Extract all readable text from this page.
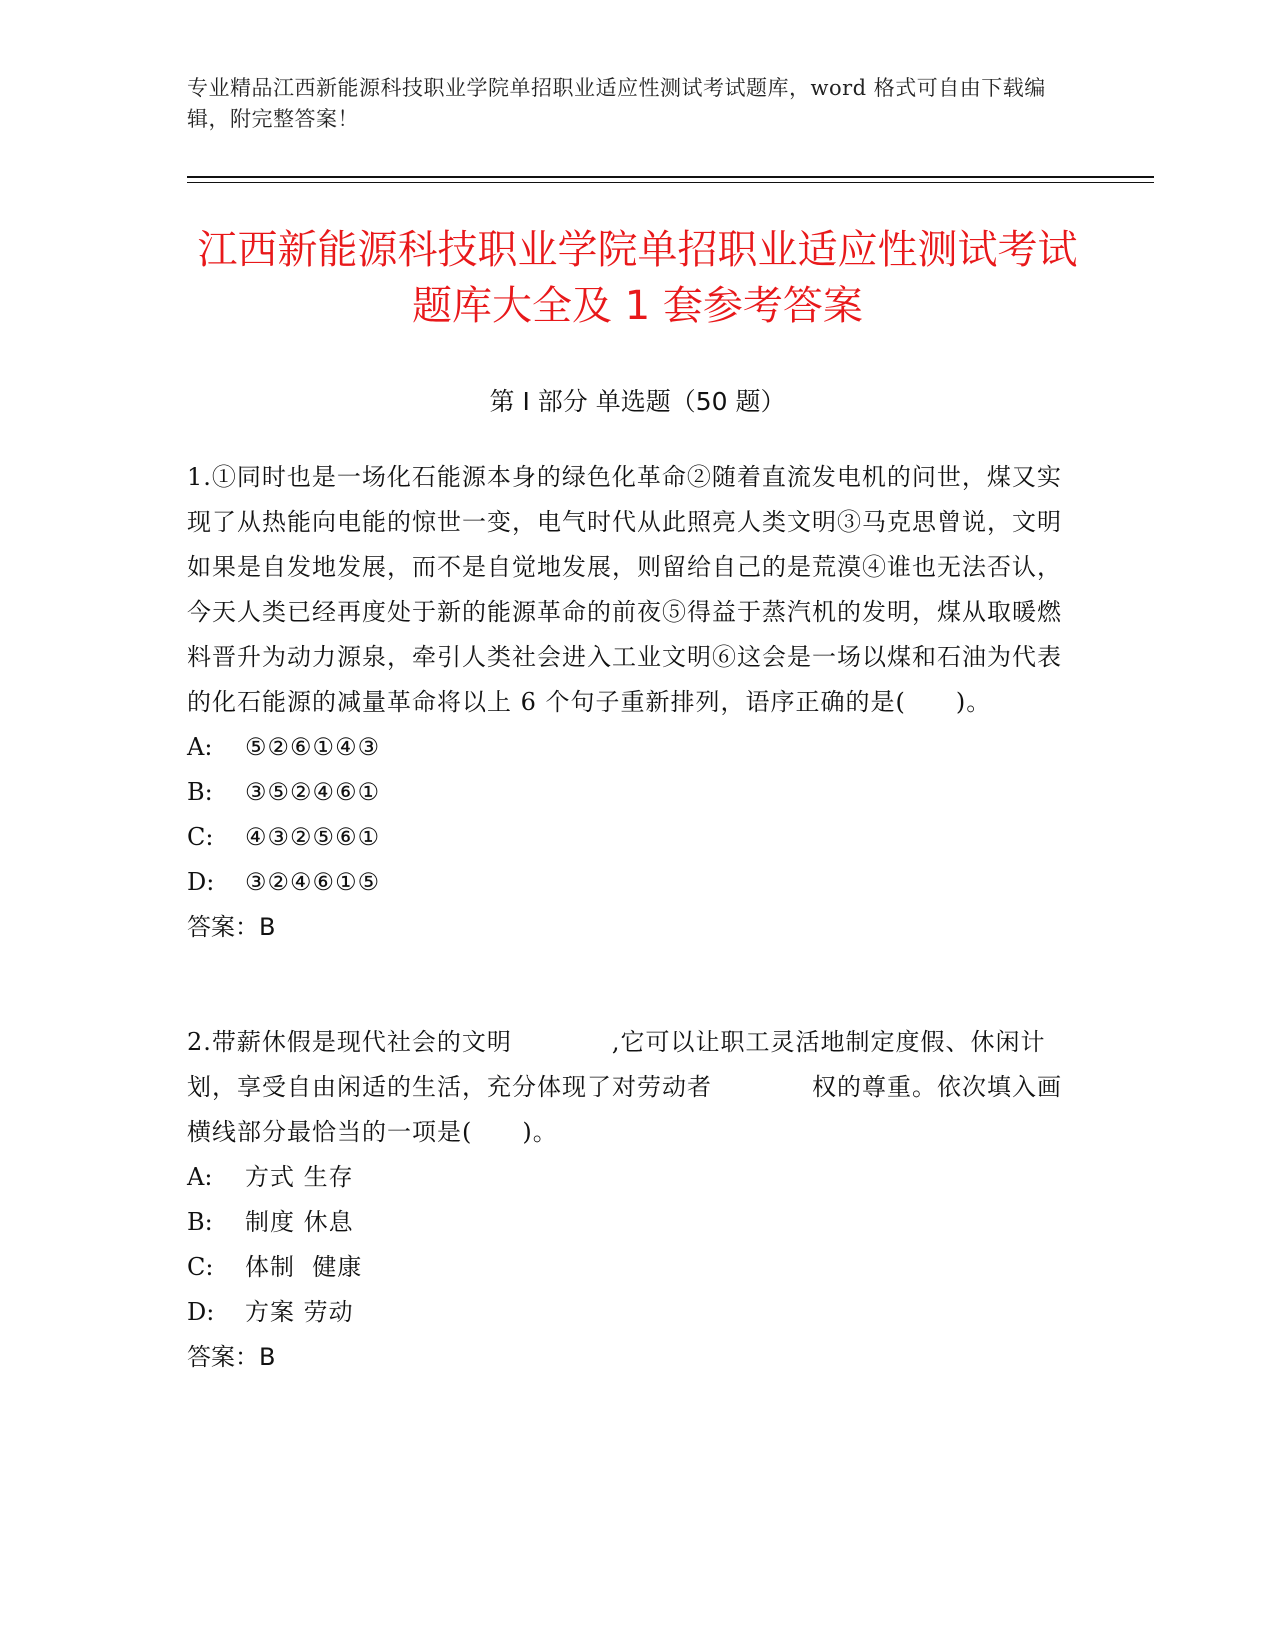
专业精品江西新能源科技职业学院单招职业适应性测试考试题库，word 格式可自由下载编辑，附完整答案！
江西新能源科技职业学院单招职业适应性测试考试题库大全及 1 套参考答案
第 I 部分 单选题（50 题）
1.①同时也是一场化石能源本身的绿色化革命②随着直流发电机的问世，煤又实现了从热能向电能的惊世一变，电气时代从此照亮人类文明③马克思曾说，文明如果是自发地发展，而不是自觉地发展，则留给自己的是荒漠④谁也无法否认，今天人类已经再度处于新的能源革命的前夜⑤得益于蒸汽机的发明，煤从取暖燃料晋升为动力源泉，牵引人类社会进入工业文明⑥这会是一场以煤和石油为代表的化石能源的减量革命将以上 6 个句子重新排列，语序正确的是(　　)。
A:	⑤②⑥①④③
B:	③⑤②④⑥①
C:	④③②⑤⑥①
D:	③②④⑥①⑤
答案：B
2.带薪休假是现代社会的文明　　　　,它可以让职工灵活地制定度假、休闲计划，享受自由闲适的生活，充分体现了对劳动者　　　　权的尊重。依次填入画横线部分最恰当的一项是(　　)。
A:	方式 生存
B:	制度 休息
C:	体制  健康
D:	方案 劳动
答案：B
